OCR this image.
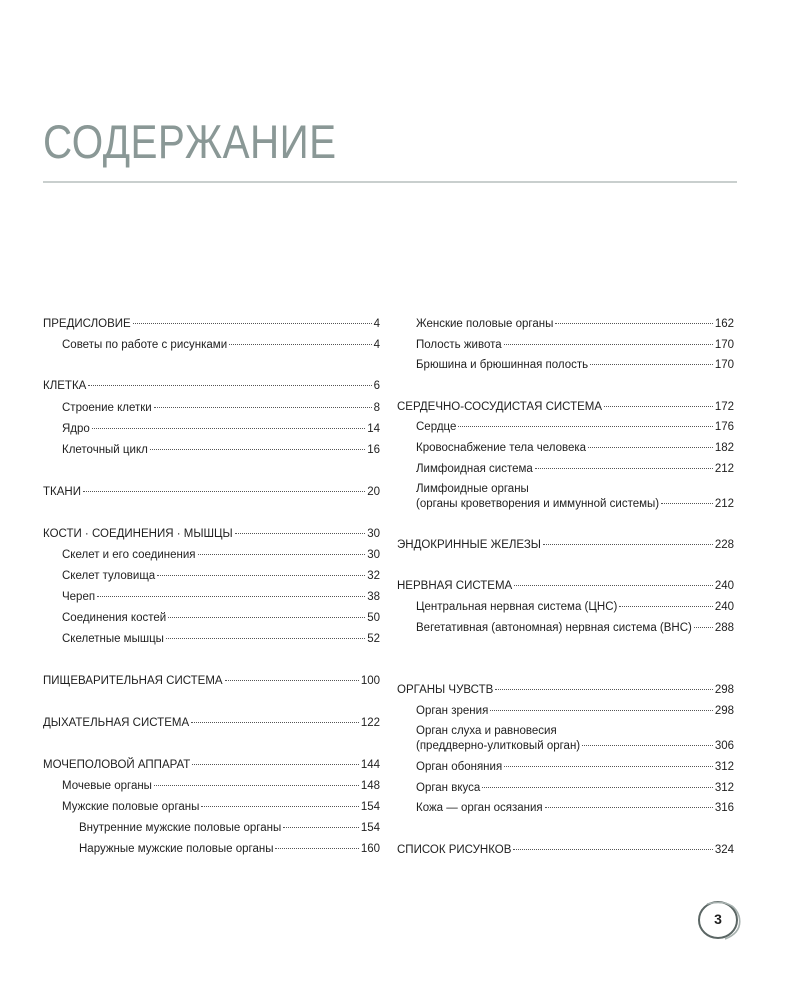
СОДЕРЖАНИЕ
ПРЕДИСЛОВИЕ	4
Советы по работе с рисунками	4
КЛЕТКА	6
Строение клетки	8
Ядро	14
Клеточный цикл	16
ТКАНИ	20
КОСТИ · СОЕДИНЕНИЯ · МЫШЦЫ	30
Скелет и его соединения	30
Скелет туловища	32
Череп	38
Соединения костей	50
Скелетные мышцы	52
ПИЩЕВАРИТЕЛЬНАЯ СИСТЕМА	100
ДЫХАТЕЛЬНАЯ СИСТЕМА	122
МОЧЕПОЛОВОЙ АППАРАТ	144
Мочевые органы	148
Мужские половые органы	154
Внутренние мужские половые органы	154
Наружные мужские половые органы	160
Женские половые органы	162
Полость живота	170
Брюшина и брюшинная полость	170
СЕРДЕЧНО-СОСУДИСТАЯ СИСТЕМА	172
Сердце	176
Кровоснабжение тела человека	182
Лимфоидная система	212
Лимфоидные органы
(органы кроветворения и иммунной системы)	212
ЭНДОКРИННЫЕ ЖЕЛЕЗЫ	228
НЕРВНАЯ СИСТЕМА	240
Центральная нервная система (ЦНС)	240
Вегетативная (автономная) нервная система (ВНС) 288
ОРГАНЫ ЧУВСТВ	298
Орган зрения	298
Орган слуха и равновесия
(преддверно-улитковый орган)	306
Орган обоняния	312
Орган вкуса	312
Кожа — орган осязания	316
СПИСОК РИСУНКОВ	324
3
